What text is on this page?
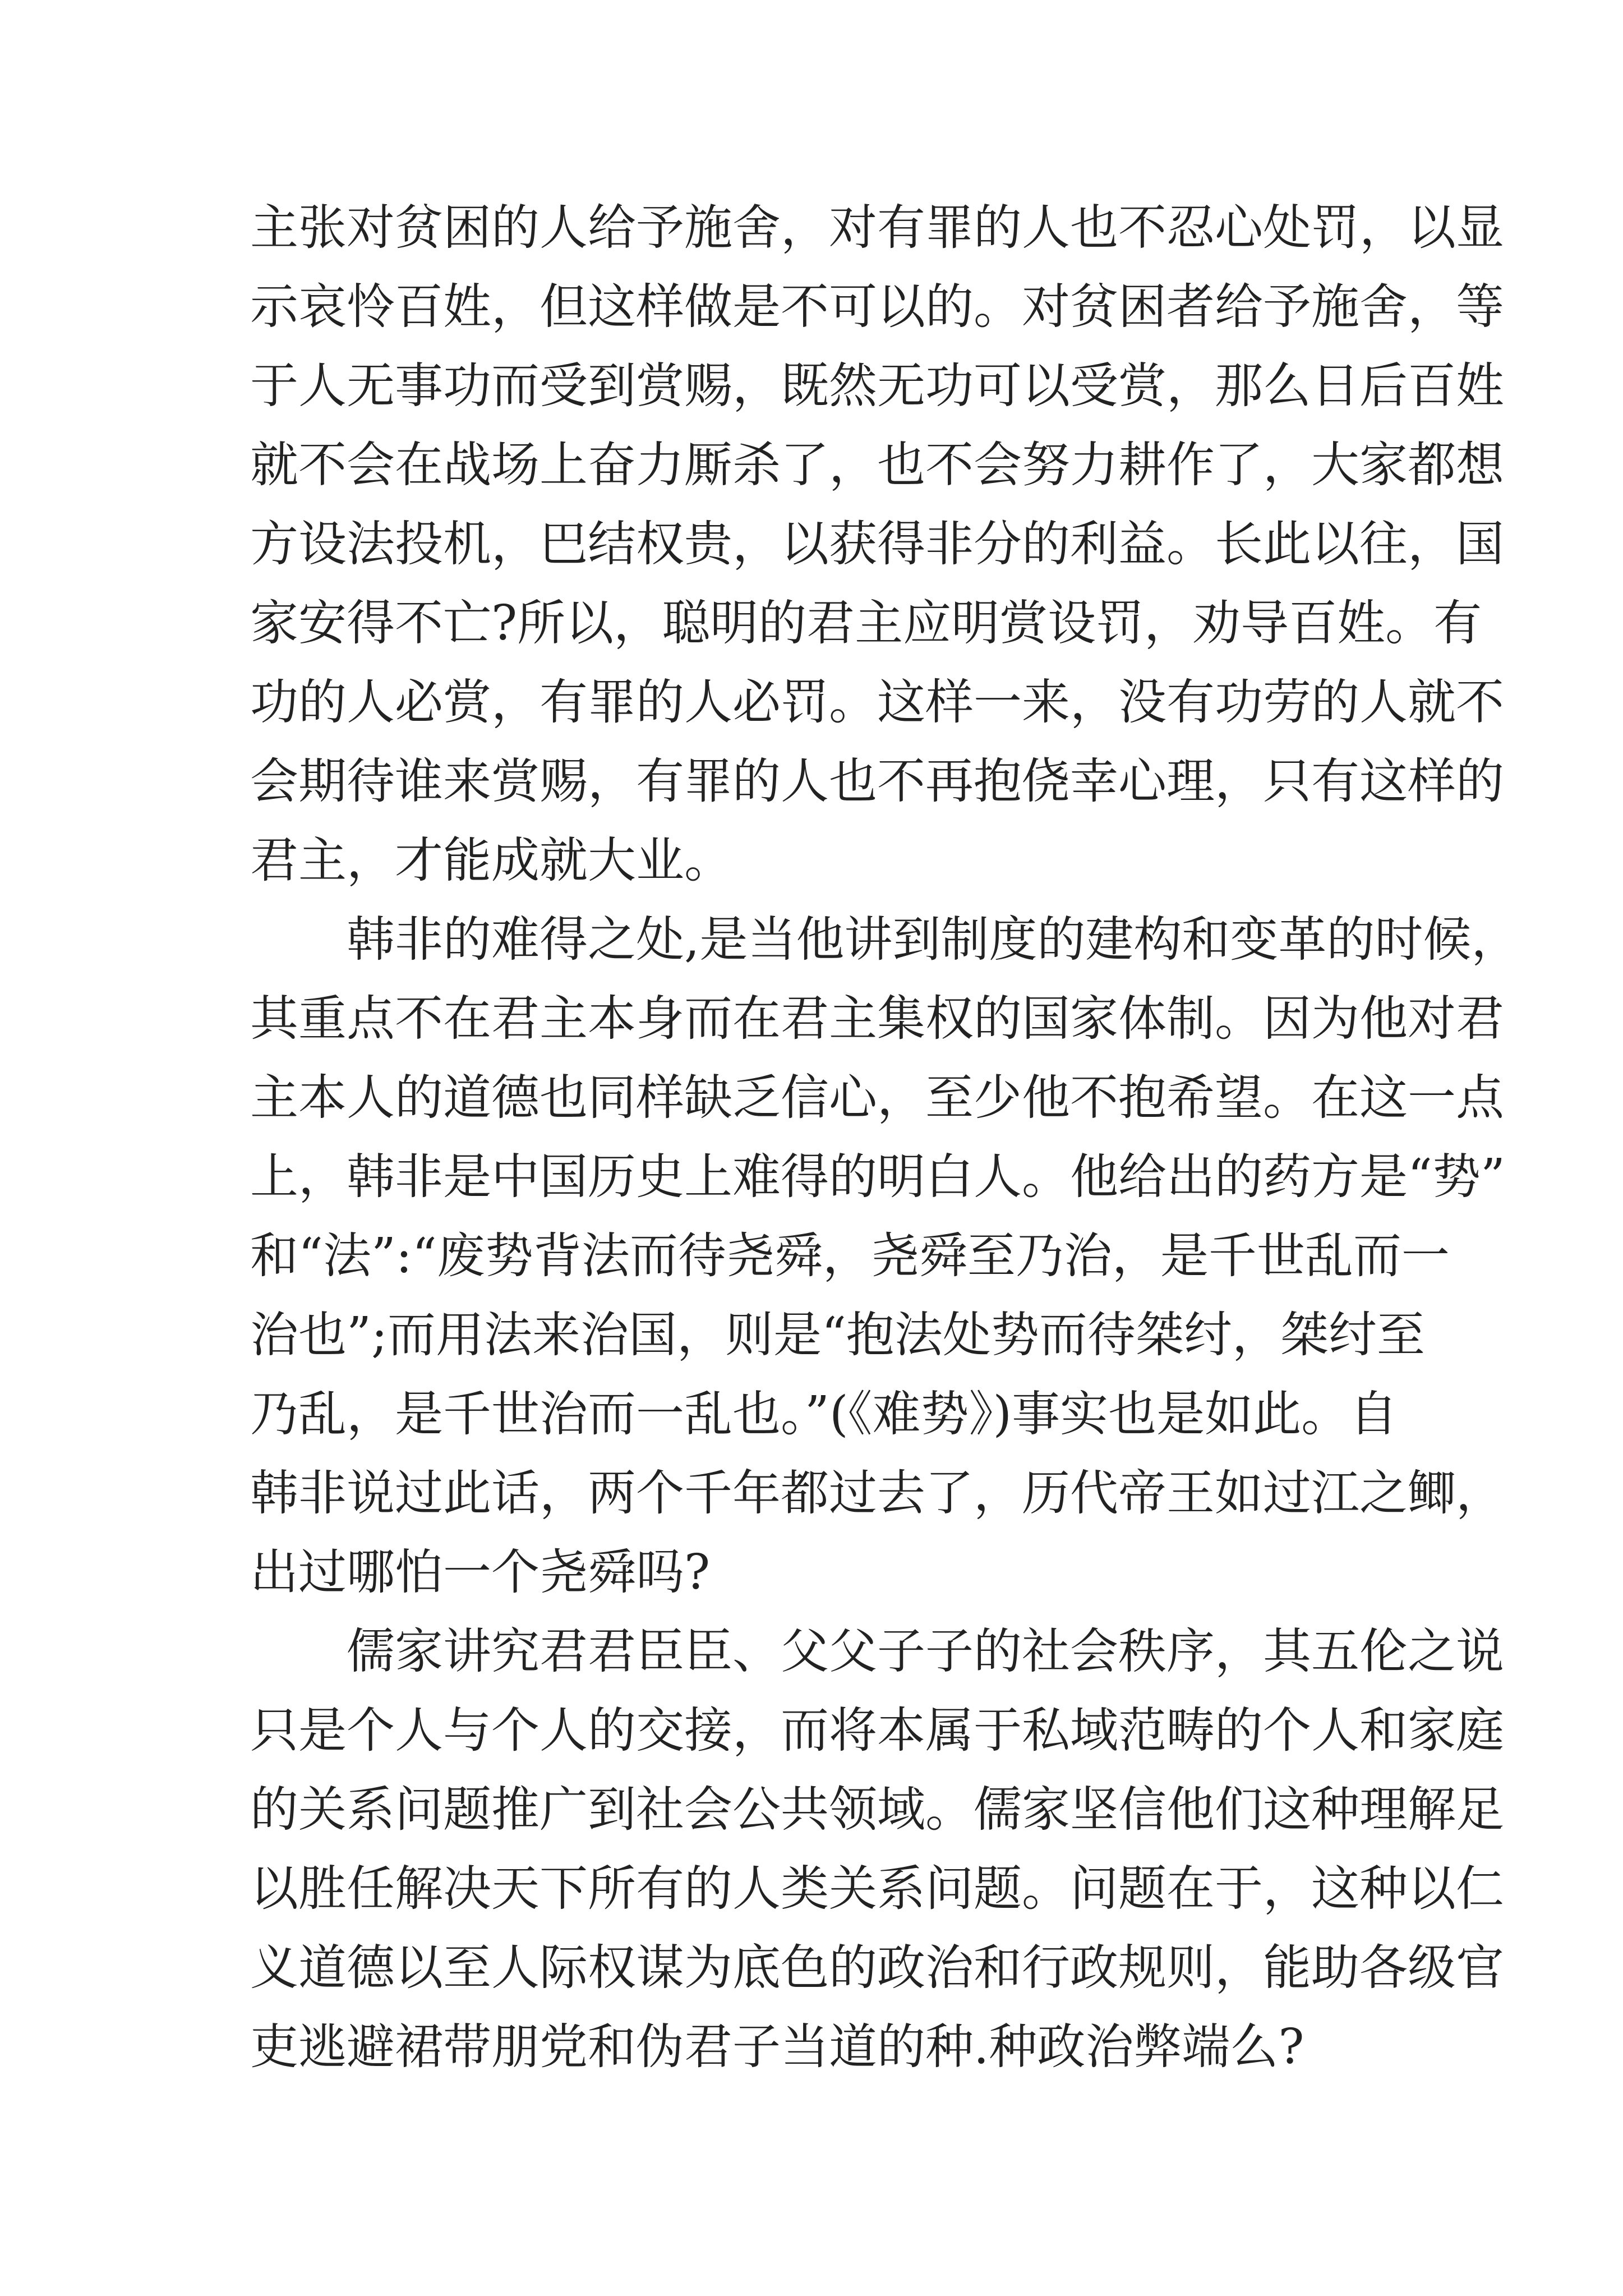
主张对贫困的人给予施舍，对有罪的人也不忍心处罚，以显
示哀怜百姓，但这样做是不可以的。对贫困者给予施舍，等
于人无事功而受到赏赐，既然无功可以受赏，那么日后百姓
就不会在战场上奋力厮杀了，也不会努力耕作了，大家都想
方设法投机，巴结权贵，以获得非分的利益。长此以往，国
家安得不亡?所以，聪明的君主应明赏设罚，劝导百姓。有
功的人必赏，有罪的人必罚。这样一来，没有功劳的人就不
会期待谁来赏赐，有罪的人也不再抱侥幸心理，只有这样的
君主，才能成就大业。
韩非的难得之处,是当他讲到制度的建构和变革的时候，
其重点不在君主本身而在君主集权的国家体制。因为他对君
主本人的道德也同样缺乏信心，至少他不抱希望。在这一点
上，韩非是中国历史上难得的明白人。他给出的药方是“势”
和“法”:“废势背法而待尧舜，尧舜至乃治，是千世乱而一
治也”;而用法来治国，则是“抱法处势而待桀纣，桀纣至
乃乱，是千世治而一乱也。”(《难势》)事实也是如此。自
韩非说过此话，两个千年都过去了，历代帝王如过江之鲫，
出过哪怕一个尧舜吗?
儒家讲究君君臣臣、父父子子的社会秩序，其五伦之说
只是个人与个人的交接，而将本属于私域范畴的个人和家庭
的关系问题推广到社会公共领域。儒家坚信他们这种理解足
以胜任解决天下所有的人类关系问题。问题在于，这种以仁
义道德以至人际权谋为底色的政治和行政规则，能助各级官
吏逃避裙带朋党和伪君子当道的种.种政治弊端么?
